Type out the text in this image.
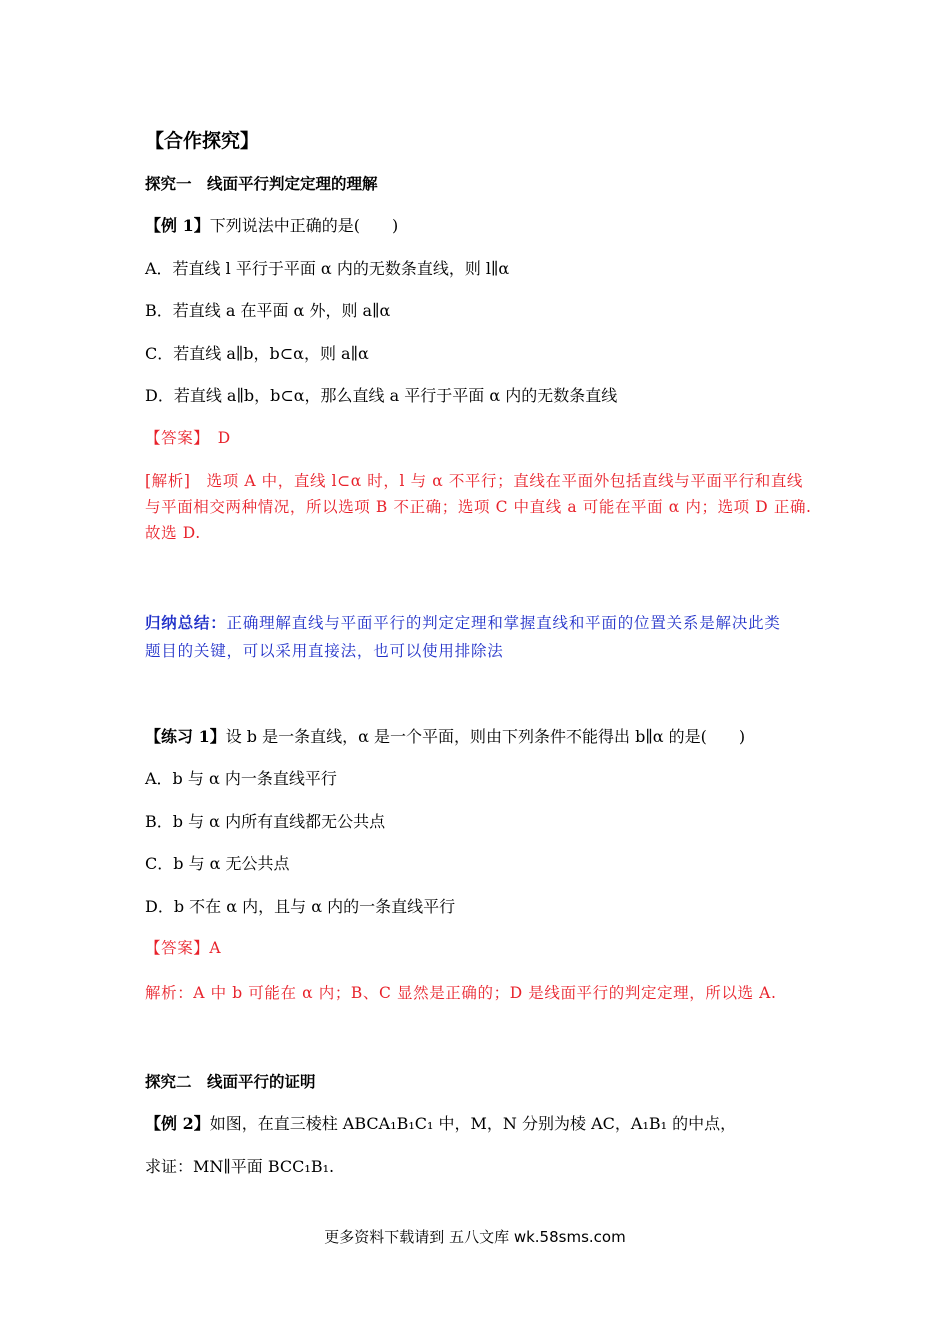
【合作探究】
探究一　线面平行判定定理的理解
【例 1】下列说法中正确的是(　　)
A．若直线 l 平行于平面 α 内的无数条直线，则 l∥α
B．若直线 a 在平面 α 外，则 a∥α
C．若直线 a∥b，b⊂α，则 a∥α
D．若直线 a∥b，b⊂α，那么直线 a 平行于平面 α 内的无数条直线
【答案】　D
[解析]　选项 A 中，直线 l⊂α 时，l 与 α 不平行；直线在平面外包括直线与平面平行和直线
与平面相交两种情况，所以选项 B 不正确；选项 C 中直线 a 可能在平面 α 内；选项 D 正确.
故选 D.
归纳总结：正确理解直线与平面平行的判定定理和掌握直线和平面的位置关系是解决此类
题目的关键，可以采用直接法，也可以使用排除法
【练习 1】设 b 是一条直线，α 是一个平面，则由下列条件不能得出 b∥α 的是(　　)
A．b 与 α 内一条直线平行
B．b 与 α 内所有直线都无公共点
C．b 与 α 无公共点
D．b 不在 α 内，且与 α 内的一条直线平行
【答案】A
解析：A 中 b 可能在 α 内；B、C 显然是正确的；D 是线面平行的判定定理，所以选 A.
探究二　线面平行的证明
【例 2】如图，在直三棱柱 ABCA₁B₁C₁ 中，M，N 分别为棱 AC，A₁B₁ 的中点，
求证：MN∥平面 BCC₁B₁.
更多资料下载请到 五八文库 wk.58sms.com
